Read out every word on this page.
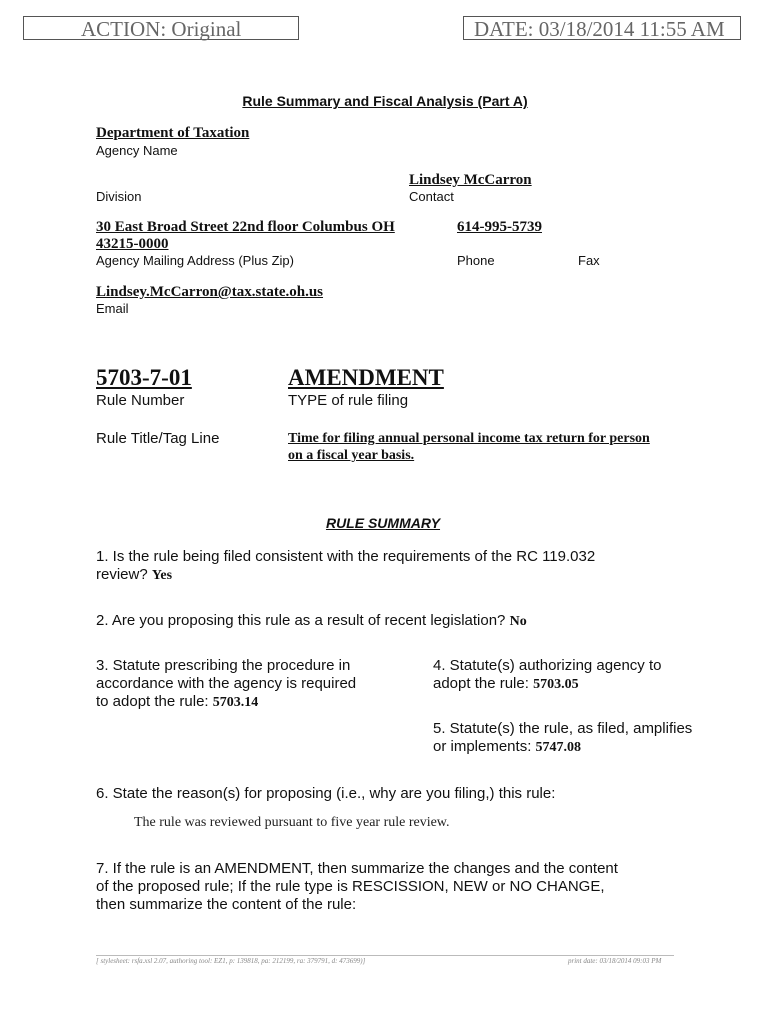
ACTION: Original	DATE: 03/18/2014 11:55 AM
Rule Summary and Fiscal Analysis (Part A)
Department of Taxation
Agency Name
Lindsey McCarron
Division	Contact
30 East Broad Street 22nd floor Columbus OH
43215-0000
614-995-5739
Agency Mailing Address (Plus Zip)	Phone	Fax
Lindsey.McCarron@tax.state.oh.us
Email
5703-7-01	AMENDMENT
Rule Number	TYPE of rule filing
Rule Title/Tag Line	Time for filing annual personal income tax return for person
on a fiscal year basis.
RULE SUMMARY
1. Is the rule being filed consistent with the requirements of the RC 119.032
review? Yes
2. Are you proposing this rule as a result of recent legislation? No
3. Statute prescribing the procedure in
accordance with the agency is required
to adopt the rule: 5703.14
4. Statute(s) authorizing agency to
adopt the rule: 5703.05
5. Statute(s) the rule, as filed, amplifies
or implements: 5747.08
6. State the reason(s) for proposing (i.e., why are you filing,) this rule:
The rule was reviewed pursuant to five year rule review.
7. If the rule is an AMENDMENT, then summarize the changes and the content
of the proposed rule; If the rule type is RESCISSION, NEW or NO CHANGE,
then summarize the content of the rule:
[ stylesheet: rsfa.xsl 2.07, authoring tool: EZ1, p: 139818, pa: 212199, ra: 379791, d: 473699)]	print date: 03/18/2014 09:03 PM
